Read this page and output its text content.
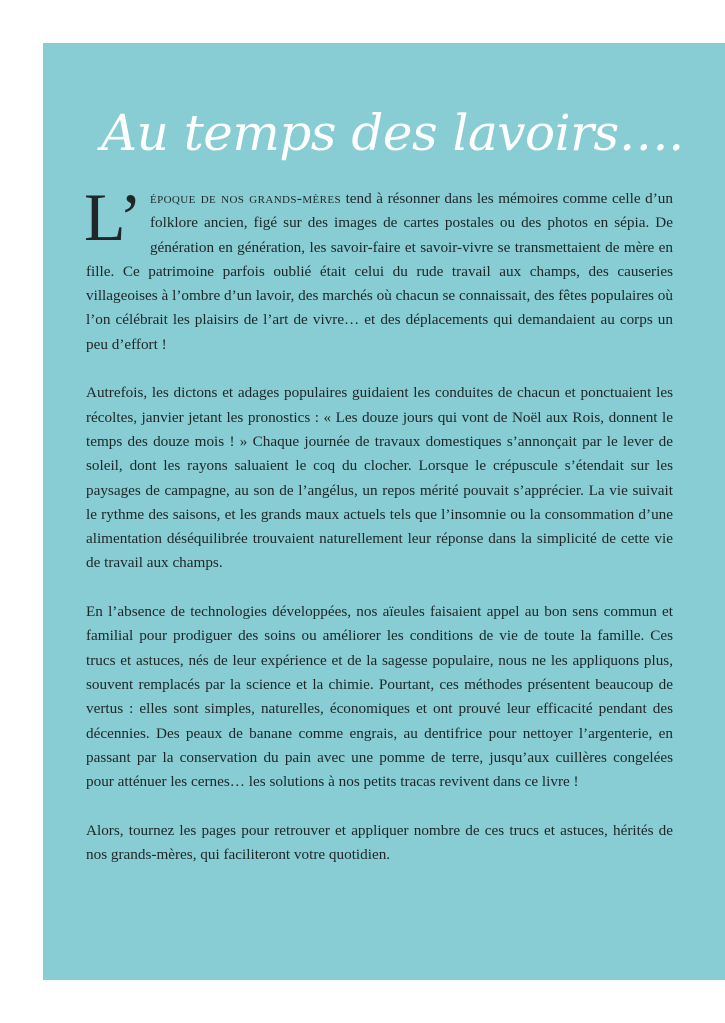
Au temps des lavoirs….

L’ époque de nos grands-mères tend à résonner dans les mémoires comme celle d’un folklore ancien, figé sur des images de cartes postales ou des photos en sépia. De génération en génération, les savoir-faire et savoir-vivre se transmettaient de mère en fille. Ce patrimoine parfois oublié était celui du rude travail aux champs, des causeries villageoises à l’ombre d’un lavoir, des marchés où chacun se connaissait, des fêtes populaires où l’on célébrait les plaisirs de l’art de vivre… et des déplacements qui demandaient au corps un peu d’effort !

Autrefois, les dictons et adages populaires guidaient les conduites de chacun et ponctuaient les récoltes, janvier jetant les pronostics : « Les douze jours qui vont de Noël aux Rois, donnent le temps des douze mois ! » Chaque journée de travaux domestiques s’annonçait par le lever de soleil, dont les rayons saluaient le coq du clocher. Lorsque le crépuscule s’étendait sur les paysages de campagne, au son de l’angélus, un repos mérité pouvait s’apprécier. La vie suivait le rythme des saisons, et les grands maux actuels tels que l’insomnie ou la consommation d’une alimentation déséquilibrée trouvaient naturellement leur réponse dans la simplicité de cette vie de travail aux champs.

En l’absence de technologies développées, nos aïeules faisaient appel au bon sens commun et familial pour prodiguer des soins ou améliorer les conditions de vie de toute la famille. Ces trucs et astuces, nés de leur expérience et de la sagesse populaire, nous ne les appliquons plus, souvent remplacés par la science et la chimie. Pourtant, ces méthodes présentent beaucoup de vertus : elles sont simples, naturelles, économiques et ont prouvé leur efficacité pendant des décennies. Des peaux de banane comme engrais, au dentifrice pour nettoyer l’argenterie, en passant par la conservation du pain avec une pomme de terre, jusqu’aux cuillères congelées pour atténuer les cernes… les solutions à nos petits tracas revivent dans ce livre !

Alors, tournez les pages pour retrouver et appliquer nombre de ces trucs et astuces, hérités de nos grands-mères, qui faciliteront votre quotidien.
